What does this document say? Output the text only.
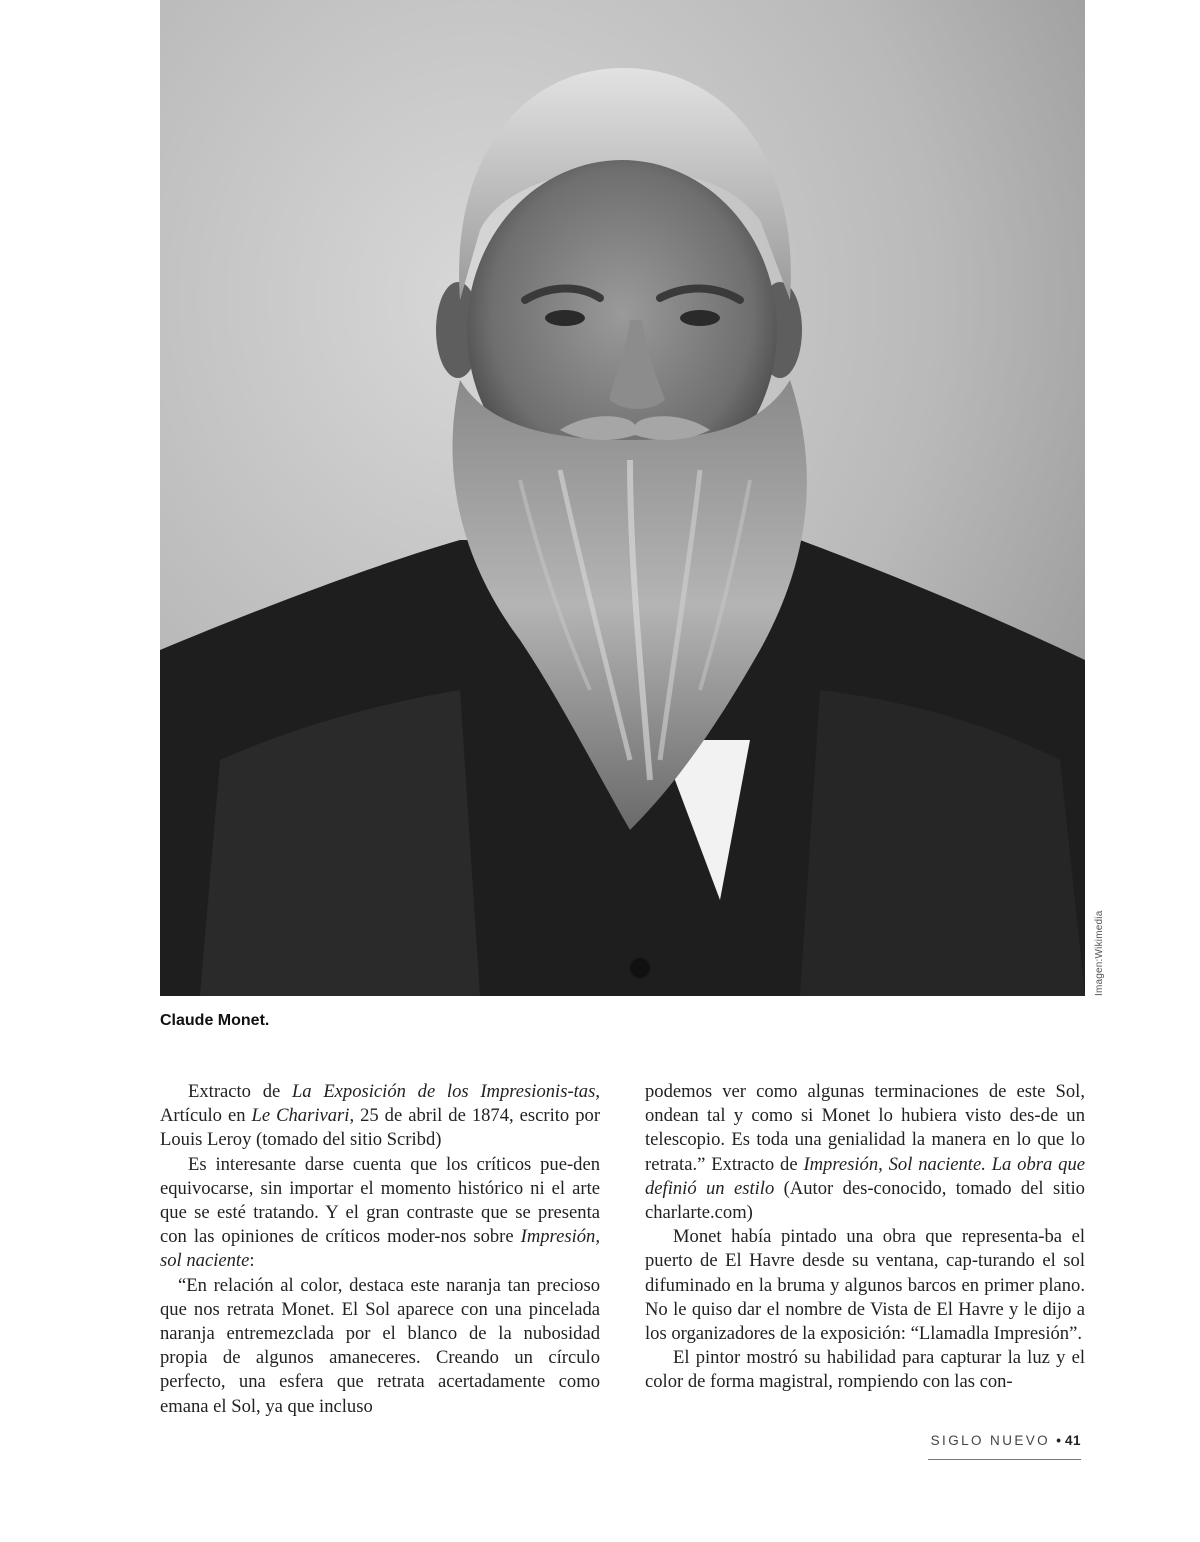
Imagen:Wikimedia
Claude Monet.

Extracto de La Exposición de los Impresionis-tas, Artículo en Le Charivari, 25 de abril de 1874, escrito por Louis Leroy (tomado del sitio Scribd)

Es interesante darse cuenta que los críticos pue-den equivocarse, sin importar el momento histórico ni el arte que se esté tratando. Y el gran contraste que se presenta con las opiniones de críticos moder-nos sobre Impresión, sol naciente:

“En relación al color, destaca este naranja tan precioso que nos retrata Monet. El Sol aparece con una pincelada naranja entremezclada por el blanco de la nubosidad propia de algunos amaneceres. Creando un círculo perfecto, una esfera que retrata acertadamente como emana el Sol, ya que incluso

podemos ver como algunas terminaciones de este Sol, ondean tal y como si Monet lo hubiera visto des-de un telescopio. Es toda una genialidad la manera en lo que lo retrata.” Extracto de Impresión, Sol naciente. La obra que definió un estilo (Autor des-conocido, tomado del sitio charlarte.com)

Monet había pintado una obra que representa-ba el puerto de El Havre desde su ventana, cap-turando el sol difuminado en la bruma y algunos barcos en primer plano. No le quiso dar el nombre de Vista de El Havre y le dijo a los organizadores de la exposición: “Llamadla Impresión”.

El pintor mostró su habilidad para capturar la luz y el color de forma magistral, rompiendo con las con-

SIGLO NUEVO • 41
